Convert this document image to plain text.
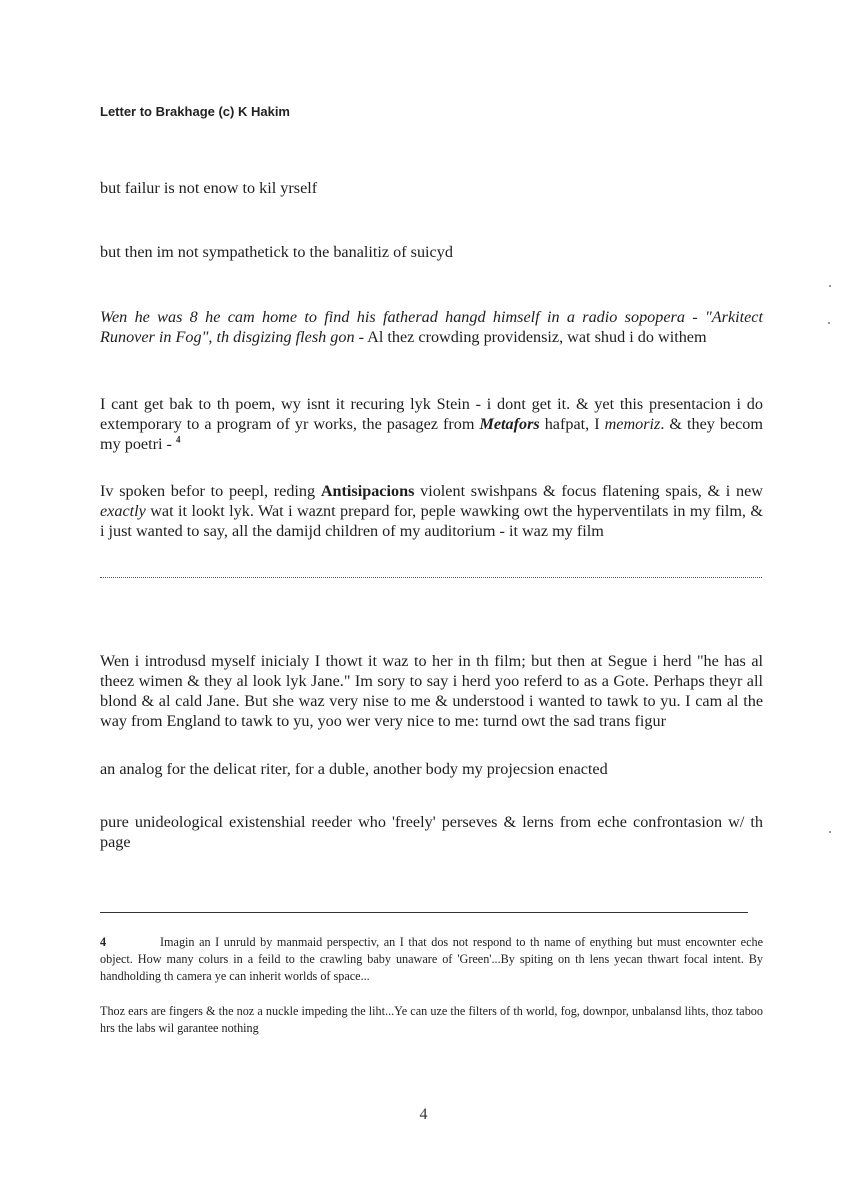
Letter to Brakhage (c) K Hakim
but failur is not enow to kil yrself
but then im not sympathetick to the banalitiz of suicyd
Wen he was 8 he cam home to find his fatherad hangd himself in a radio sopopera - "Arkitect Runover in Fog", th disgizing flesh gon - Al thez crowding providensiz, wat shud i do withem
I cant get bak to th poem, wy isnt it recuring lyk Stein - i dont get it. & yet this presentacion i do extemporary to a program of yr works, the pasagez from Metafors hafpat, I memoriz. & they becom my poetri - $^4$
Iv spoken befor to peepl, reding Antisipacions violent swishpans & focus flatening spais, & i new exactly wat it lookt lyk. Wat i waznt prepard for, peple wawking owt the hyperventilats in my film, & i just wanted to say, all the damijd children of my auditorium - it waz my film
Wen i introdusd myself inicialy I thowt it waz to her in th film; but then at Segue i herd "he has al theez wimen & they al look lyk Jane." Im sory to say i herd yoo referd to as a Gote. Perhaps theyr all blond & al cald Jane. But she waz very nise to me & understood i wanted to tawk to yu. I cam al the way from England to tawk to yu, yoo wer very nice to me: turnd owt the sad trans figur
an analog for the delicat riter, for a duble, another body my projecsion enacted
pure unideological existenshial reeder who 'freely' perseves & lerns from eche confrontasion w/ th page
4	Imagin an I unruld by manmaid perspectiv, an I that dos not respond to th name of enything but must encownter eche object. How many colurs in a feild to the crawling baby unaware of 'Green'...By spiting on th lens yecan thwart focal intent. By handholding th camera ye can inherit worlds of space...
Thoz ears are fingers & the noz a nuckle impeding the liht...Ye can uze the filters of th world, fog, downpor, unbalansd lihts, thoz taboo hrs the labs wil garantee nothing
4
